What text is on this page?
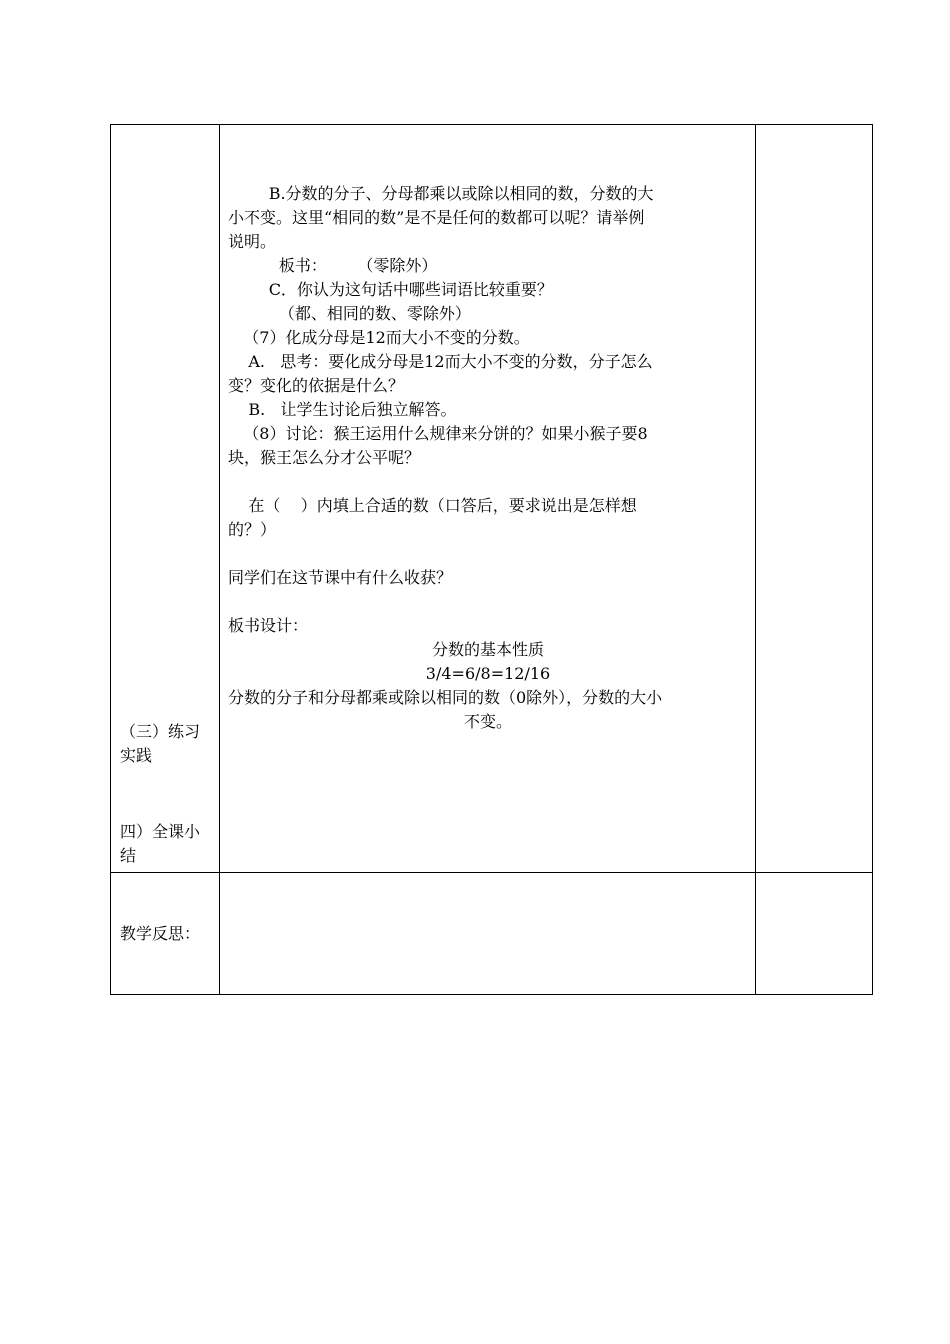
（三）练习
实践
四）全课小
结
B.分数的分子、分母都乘以或除以相同的数，分数的大
小不变。这里“相同的数”是不是任何的数都可以呢？请举例
说明。
板书：      （零除外）
C．你认为这句话中哪些词语比较重要？
（都、相同的数、零除外）
（7）化成分母是12而大小不变的分数。
A.   思考：要化成分母是12而大小不变的分数，分子怎么
变？变化的依据是什么？
B.   让学生讨论后独立解答。
（8）讨论：猴王运用什么规律来分饼的？如果小猴子要8
块，猴王怎么分才公平呢？
在（    ）内填上合适的数（口答后，要求说出是怎样想
的？）
同学们在这节课中有什么收获？
板书设计：
分数的基本性质
3/4=6/8=12/16
分数的分子和分母都乘或除以相同的数（0除外），分数的大小
不变。
教学反思：
